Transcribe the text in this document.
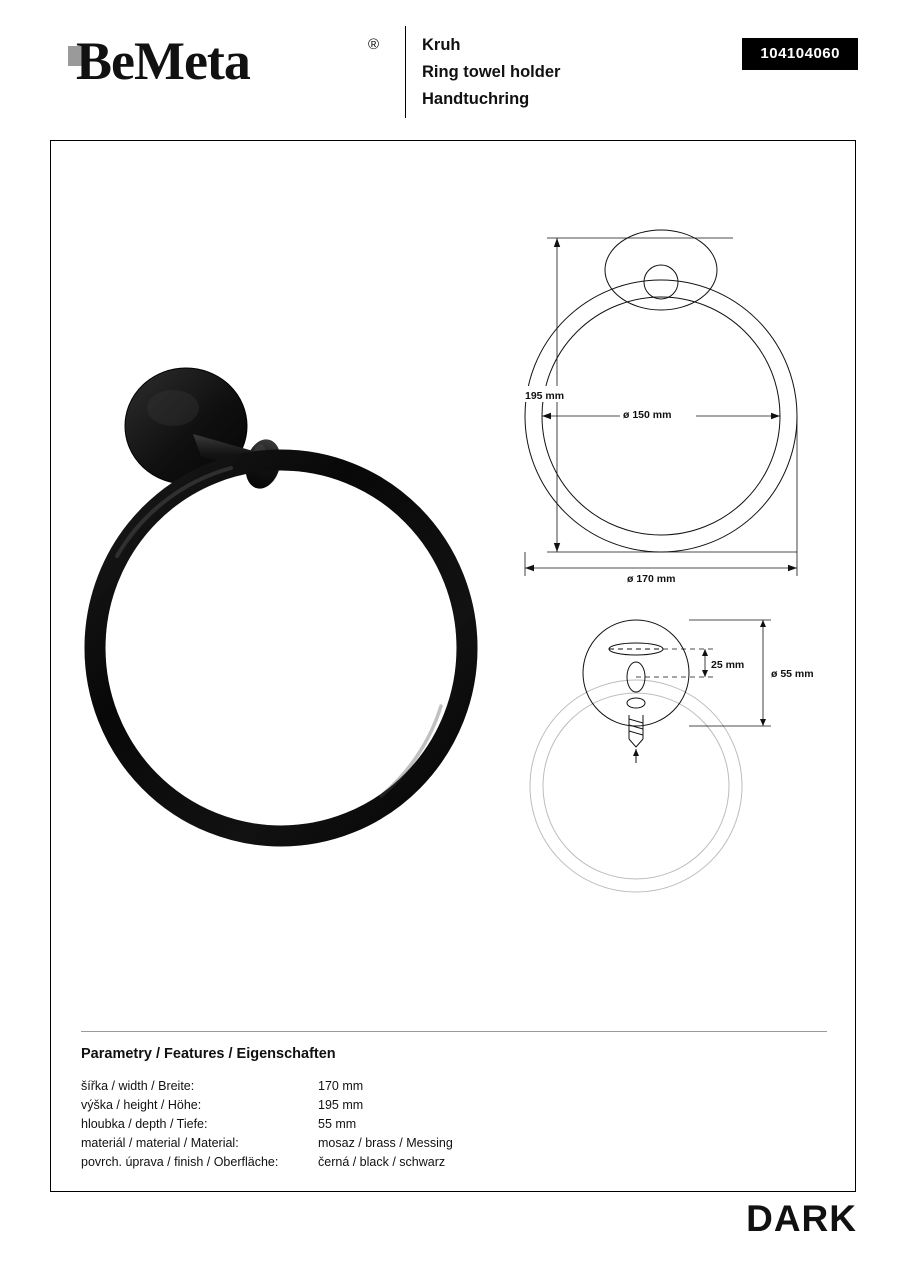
BeMeta	®	Kruh
Ring towel holder
Handtuchring
104104060
195 mm
ø 150 mm
ø 170 mm
25 mm
ø 55 mm
Parametry / Features / Eigenschaften
šířka / width / Breite:	170 mm
výška / height / Höhe:	195 mm
hloubka / depth / Tiefe:	55 mm
materiál / material / Material:	mosaz / brass / Messing
povrch. úprava / finish / Oberfläche:	černá / black / schwarz
DARK
